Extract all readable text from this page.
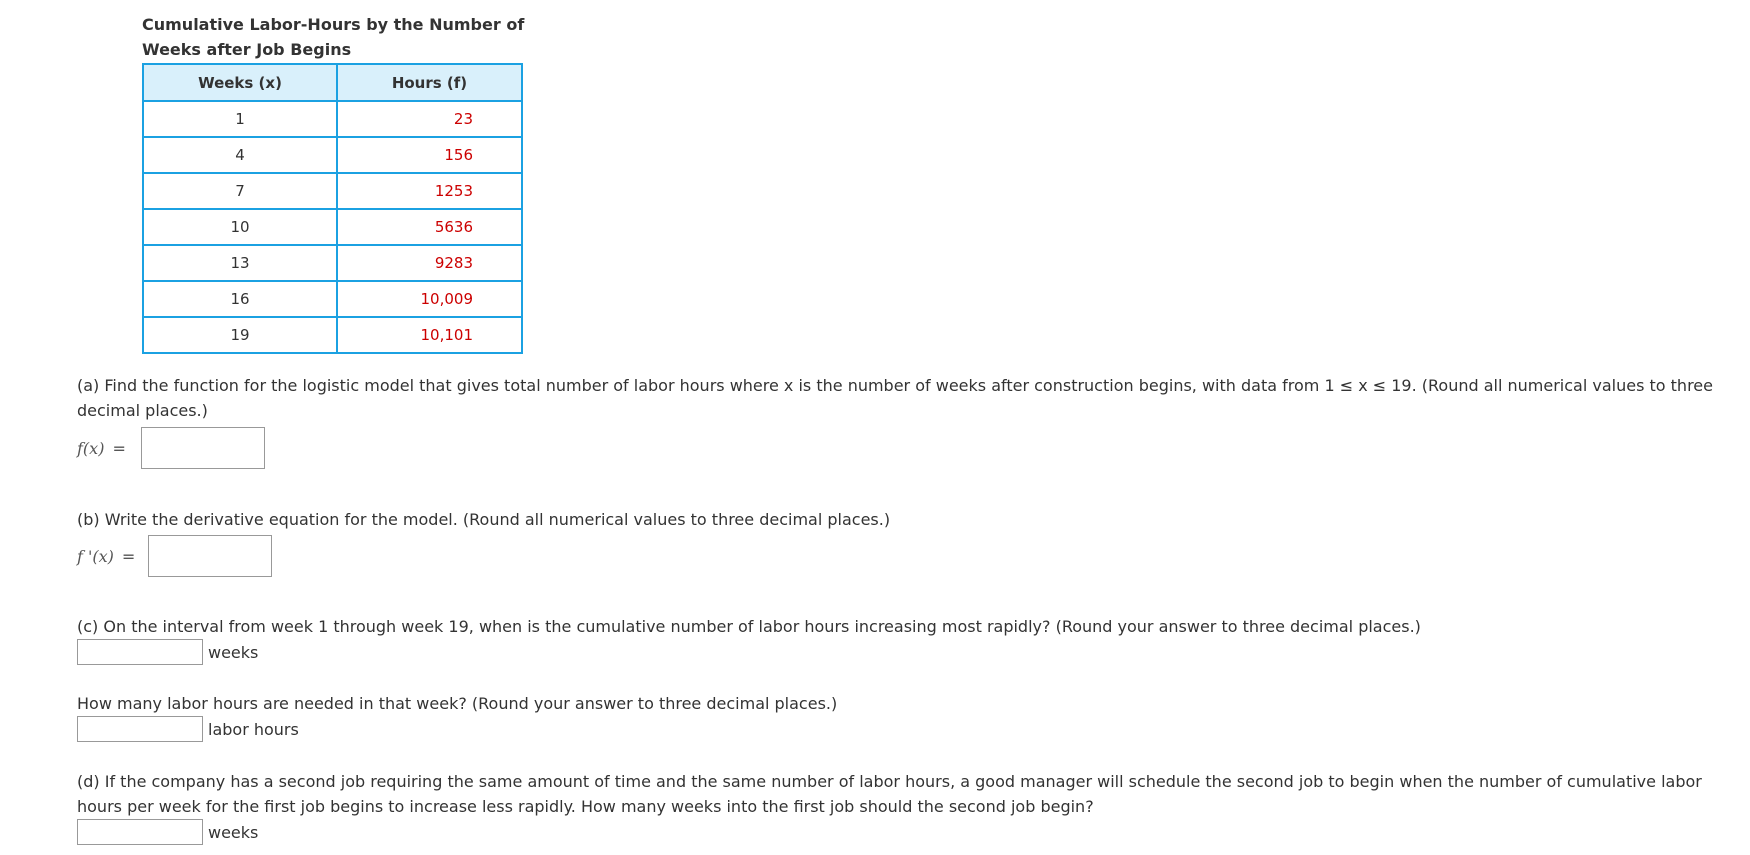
Cumulative Labor-Hours by the Number of Weeks after Job Begins
Weeks (x)	Hours (f)
1	23
4	156
7	1253
10	5636
13	9283
16	10,009
19	10,101
(a) Find the function for the logistic model that gives total number of labor hours where x is the number of weeks after construction begins, with data from 1 ≤ x ≤ 19. (Round all numerical values to three decimal places.)
f(x) =
(b) Write the derivative equation for the model. (Round all numerical values to three decimal places.)
f '(x) =
(c) On the interval from week 1 through week 19, when is the cumulative number of labor hours increasing most rapidly? (Round your answer to three decimal places.)
weeks
How many labor hours are needed in that week? (Round your answer to three decimal places.)
labor hours
(d) If the company has a second job requiring the same amount of time and the same number of labor hours, a good manager will schedule the second job to begin when the number of cumulative labor hours per week for the first job begins to increase less rapidly. How many weeks into the first job should the second job begin?
weeks
